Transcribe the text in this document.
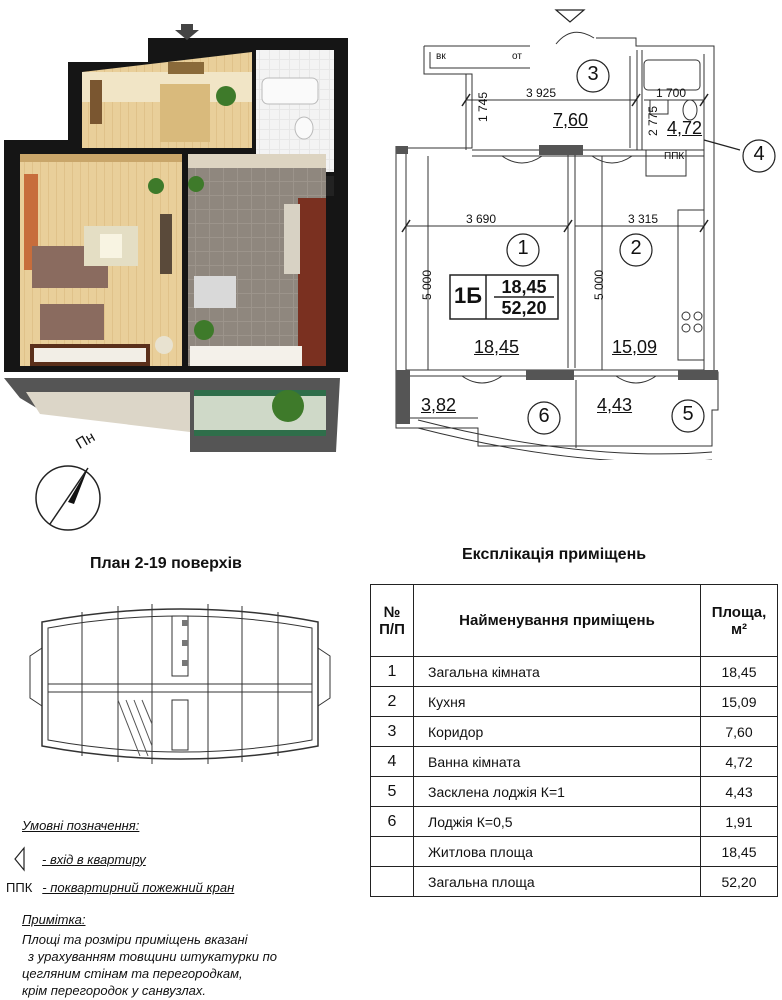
Пн
3
1	2
4
6	5
7,60	4,72
18,45	15,09
3,82	4,43
3 925	1 700
3 690	3 315
1 745	2 775
5 000	5 000
вк	от
ППК
1Б	18,45
52,20
План 2-19 поверхів
Експлікація приміщень
№ П/П	Найменування приміщень	Площа, м²
1	Загальна кімната	18,45
2	Кухня	15,09
3	Коридор	7,60
4	Ванна кімната	4,72
5	Засклена лоджія К=1	4,43
6	Лоджія К=0,5	1,91
	Житлова площа	18,45
	Загальна площа	52,20
Умовні позначення:
- вхід в квартиру
ППК - поквартирний пожежний кран
Примітка:
Площі та розміри приміщень вказані
з урахуванням товщини штукатурки по
цегляним стінам та перегородкам,
крім перегородок у санвузлах.
